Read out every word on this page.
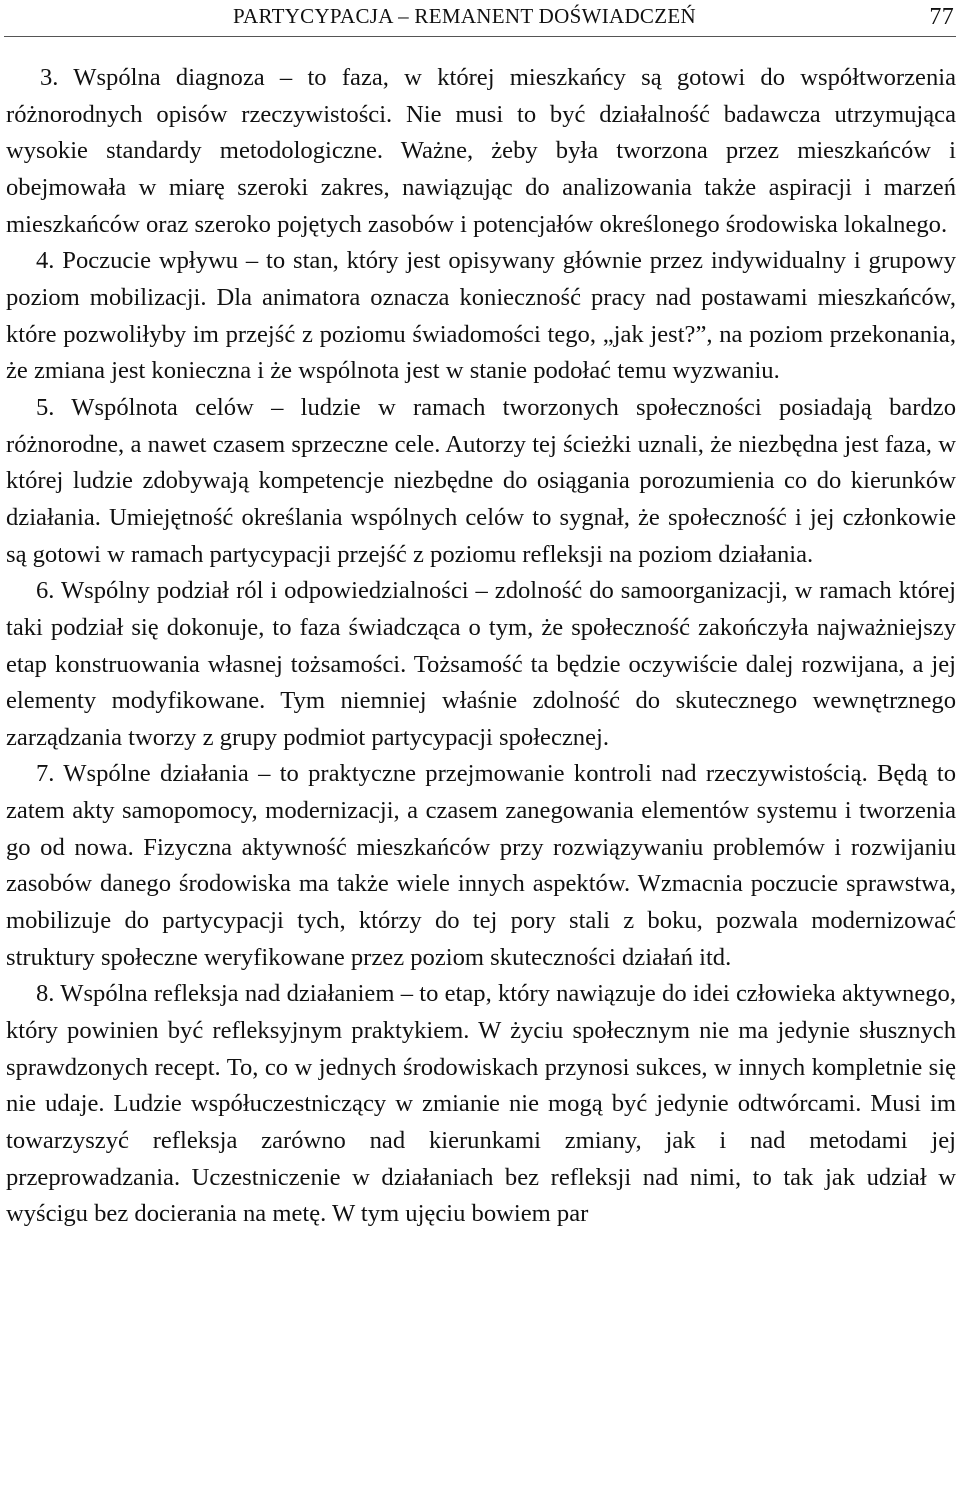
PARTYCYPACJA – REMANENT DOŚWIADCZEŃ	77

3. Wspólna diagnoza – to faza, w której mieszkańcy są gotowi do współtworzenia różnorodnych opisów rzeczywistości. Nie musi to być działalność badawcza utrzymująca wysokie standardy metodologiczne. Ważne, żeby była tworzona przez mieszkańców i obejmowała w miarę szeroki zakres, nawiązując do analizowania także aspiracji i marzeń mieszkańców oraz szeroko pojętych zasobów i potencjałów określonego środowiska lokalnego.

4. Poczucie wpływu – to stan, który jest opisywany głównie przez indywidualny i grupowy poziom mobilizacji. Dla animatora oznacza konieczność pracy nad postawami mieszkańców, które pozwoliłyby im przejść z poziomu świadomości tego, „jak jest?”, na poziom przekonania, że zmiana jest konieczna i że wspólnota jest w stanie podołać temu wyzwaniu.

5. Wspólnota celów – ludzie w ramach tworzonych społeczności posiadają bardzo różnorodne, a nawet czasem sprzeczne cele. Autorzy tej ścieżki uznali, że niezbędna jest faza, w której ludzie zdobywają kompetencje niezbędne do osiągania porozumienia co do kierunków działania. Umiejętność określania wspólnych celów to sygnał, że społeczność i jej członkowie są gotowi w ramach partycypacji przejść z poziomu refleksji na poziom działania.

6. Wspólny podział ról i odpowiedzialności – zdolność do samoorganizacji, w ramach której taki podział się dokonuje, to faza świadcząca o tym, że społeczność zakończyła najważniejszy etap konstruowania własnej tożsamości. Tożsamość ta będzie oczywiście dalej rozwijana, a jej elementy modyfikowane. Tym niemniej właśnie zdolność do skutecznego wewnętrznego zarządzania tworzy z grupy podmiot partycypacji społecznej.

7. Wspólne działania – to praktyczne przejmowanie kontroli nad rzeczywistością. Będą to zatem akty samopomocy, modernizacji, a czasem zanegowania elementów systemu i tworzenia go od nowa. Fizyczna aktywność mieszkańców przy rozwiązywaniu problemów i rozwijaniu zasobów danego środowiska ma także wiele innych aspektów. Wzmacnia poczucie sprawstwa, mobilizuje do partycypacji tych, którzy do tej pory stali z boku, pozwala modernizować struktury społeczne weryfikowane przez poziom skuteczności działań itd.

8. Wspólna refleksja nad działaniem – to etap, który nawiązuje do idei człowieka aktywnego, który powinien być refleksyjnym praktykiem. W życiu społecznym nie ma jedynie słusznych sprawdzonych recept. To, co w jednych środowiskach przynosi sukces, w innych kompletnie się nie udaje. Ludzie współuczestniczący w zmianie nie mogą być jedynie odtwórcami. Musi im towarzyszyć refleksja zarówno nad kierunkami zmiany, jak i nad metodami jej przeprowadzania. Uczestniczenie w działaniach bez refleksji nad nimi, to tak jak udział w wyścigu bez docierania na metę. W tym ujęciu bowiem par
